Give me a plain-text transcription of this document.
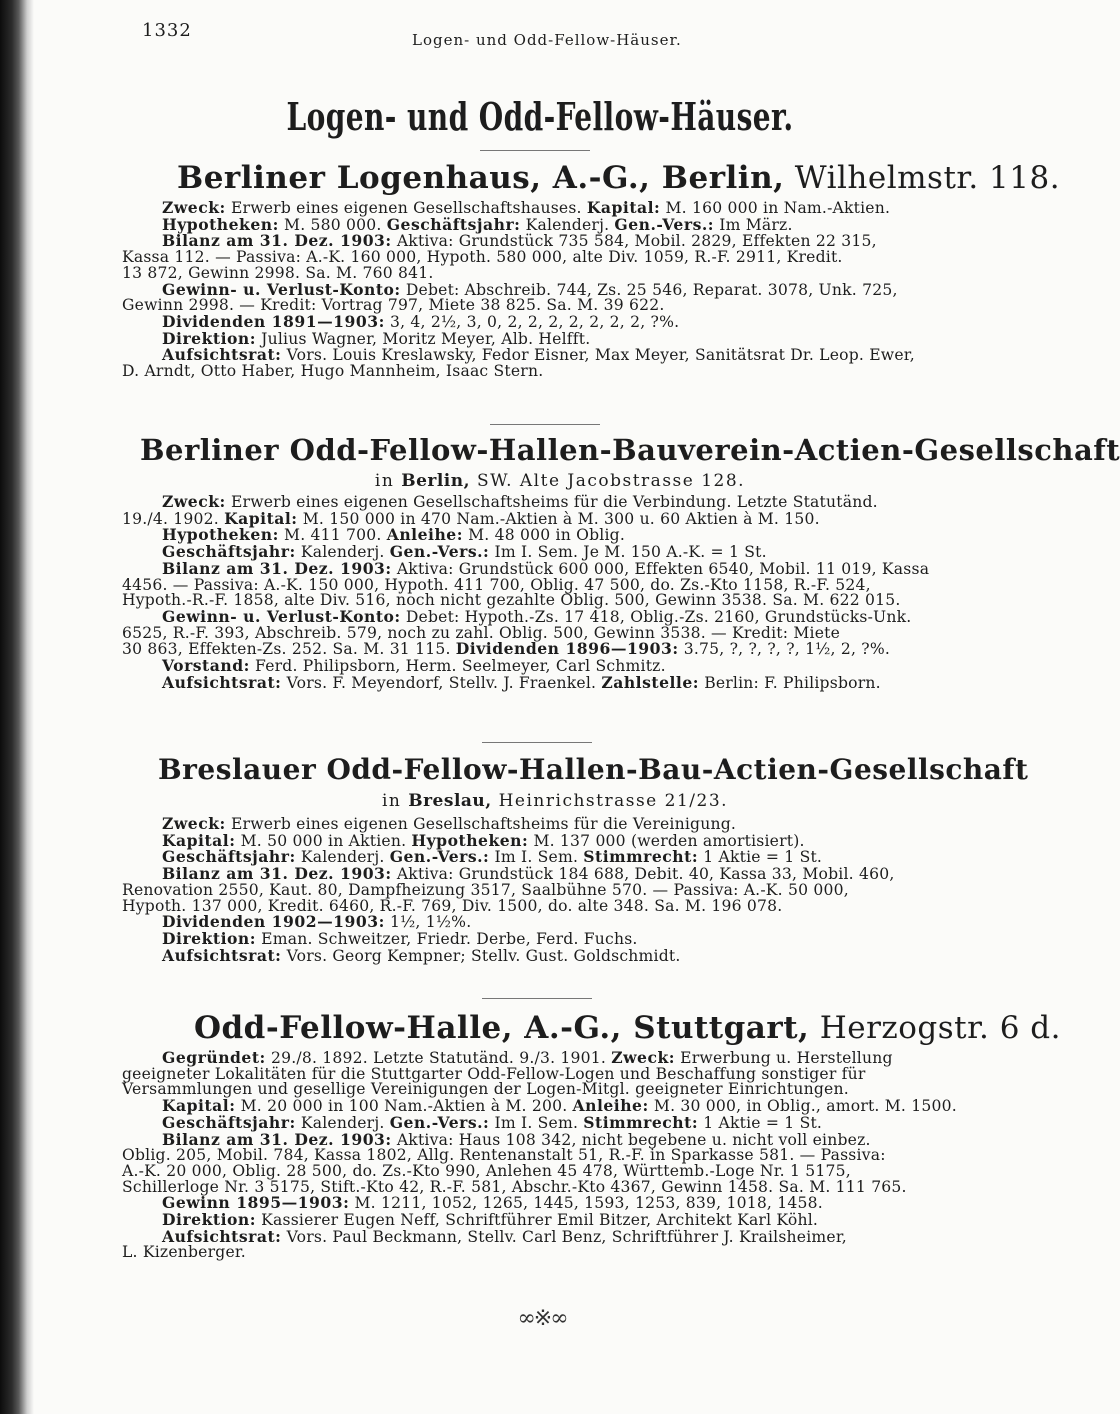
1332	Logen- und Odd-Fellow-Häuser.
Logen- und Odd-Fellow-Häuser.
Berliner Logenhaus, A.-G., Berlin, Wilhelmstr. 118.
Zweck: Erwerb eines eigenen Gesellschaftshauses. Kapital: M. 160 000 in Nam.-Aktien.
Hypotheken: M. 580 000. Geschäftsjahr: Kalenderj. Gen.-Vers.: Im März.
Bilanz am 31. Dez. 1903: Aktiva: Grundstück 735 584, Mobil. 2829, Effekten 22 315,
Kassa 112. — Passiva: A.-K. 160 000, Hypoth. 580 000, alte Div. 1059, R.-F. 2911, Kredit.
13 872, Gewinn 2998. Sa. M. 760 841.
Gewinn- u. Verlust-Konto: Debet: Abschreib. 744, Zs. 25 546, Reparat. 3078, Unk. 725,
Gewinn 2998. — Kredit: Vortrag 797, Miete 38 825. Sa. M. 39 622.
Dividenden 1891—1903: 3, 4, 2½, 3, 0, 2, 2, 2, 2, 2, 2, 2, ?%.
Direktion: Julius Wagner, Moritz Meyer, Alb. Helfft.
Aufsichtsrat: Vors. Louis Kreslawsky, Fedor Eisner, Max Meyer, Sanitätsrat Dr. Leop. Ewer,
D. Arndt, Otto Haber, Hugo Mannheim, Isaac Stern.
Berliner Odd-Fellow-Hallen-Bauverein-Actien-Gesellschaft
in Berlin, SW. Alte Jacobstrasse 128.
Zweck: Erwerb eines eigenen Gesellschaftsheims für die Verbindung. Letzte Statutänd.
19./4. 1902. Kapital: M. 150 000 in 470 Nam.-Aktien à M. 300 u. 60 Aktien à M. 150.
Hypotheken: M. 411 700. Anleihe: M. 48 000 in Oblig.
Geschäftsjahr: Kalenderj. Gen.-Vers.: Im I. Sem. Je M. 150 A.-K. = 1 St.
Bilanz am 31. Dez. 1903: Aktiva: Grundstück 600 000, Effekten 6540, Mobil. 11 019, Kassa
4456. — Passiva: A.-K. 150 000, Hypoth. 411 700, Oblig. 47 500, do. Zs.-Kto 1158, R.-F. 524,
Hypoth.-R.-F. 1858, alte Div. 516, noch nicht gezahlte Oblig. 500, Gewinn 3538. Sa. M. 622 015.
Gewinn- u. Verlust-Konto: Debet: Hypoth.-Zs. 17 418, Oblig.-Zs. 2160, Grundstücks-Unk.
6525, R.-F. 393, Abschreib. 579, noch zu zahl. Oblig. 500, Gewinn 3538. — Kredit: Miete
30 863, Effekten-Zs. 252. Sa. M. 31 115. Dividenden 1896—1903: 3.75, ?, ?, ?, ?, 1½, 2, ?%.
Vorstand: Ferd. Philipsborn, Herm. Seelmeyer, Carl Schmitz.
Aufsichtsrat: Vors. F. Meyendorf, Stellv. J. Fraenkel. Zahlstelle: Berlin: F. Philipsborn.
Breslauer Odd-Fellow-Hallen-Bau-Actien-Gesellschaft
in Breslau, Heinrichstrasse 21/23.
Zweck: Erwerb eines eigenen Gesellschaftsheims für die Vereinigung.
Kapital: M. 50 000 in Aktien. Hypotheken: M. 137 000 (werden amortisiert).
Geschäftsjahr: Kalenderj. Gen.-Vers.: Im I. Sem. Stimmrecht: 1 Aktie = 1 St.
Bilanz am 31. Dez. 1903: Aktiva: Grundstück 184 688, Debit. 40, Kassa 33, Mobil. 460,
Renovation 2550, Kaut. 80, Dampfheizung 3517, Saalbühne 570. — Passiva: A.-K. 50 000,
Hypoth. 137 000, Kredit. 6460, R.-F. 769, Div. 1500, do. alte 348. Sa. M. 196 078.
Dividenden 1902—1903: 1½, 1½%.
Direktion: Eman. Schweitzer, Friedr. Derbe, Ferd. Fuchs.
Aufsichtsrat: Vors. Georg Kempner; Stellv. Gust. Goldschmidt.
Odd-Fellow-Halle, A.-G., Stuttgart, Herzogstr. 6 d.
Gegründet: 29./8. 1892. Letzte Statutänd. 9./3. 1901. Zweck: Erwerbung u. Herstellung
geeigneter Lokalitäten für die Stuttgarter Odd-Fellow-Logen und Beschaffung sonstiger für
Versammlungen und gesellige Vereinigungen der Logen-Mitgl. geeigneter Einrichtungen.
Kapital: M. 20 000 in 100 Nam.-Aktien à M. 200. Anleihe: M. 30 000, in Oblig., amort. M. 1500.
Geschäftsjahr: Kalenderj. Gen.-Vers.: Im I. Sem. Stimmrecht: 1 Aktie = 1 St.
Bilanz am 31. Dez. 1903: Aktiva: Haus 108 342, nicht begebene u. nicht voll einbez.
Oblig. 205, Mobil. 784, Kassa 1802, Allg. Rentenanstalt 51, R.-F. in Sparkasse 581. — Passiva:
A.-K. 20 000, Oblig. 28 500, do. Zs.-Kto 990, Anlehen 45 478, Württemb.-Loge Nr. 1 5175,
Schillerloge Nr. 3 5175, Stift.-Kto 42, R.-F. 581, Abschr.-Kto 4367, Gewinn 1458. Sa. M. 111 765.
Gewinn 1895—1903: M. 1211, 1052, 1265, 1445, 1593, 1253, 839, 1018, 1458.
Direktion: Kassierer Eugen Neff, Schriftführer Emil Bitzer, Architekt Karl Köhl.
Aufsichtsrat: Vors. Paul Beckmann, Stellv. Carl Benz, Schriftführer J. Krailsheimer,
L. Kizenberger.
∞※∞
